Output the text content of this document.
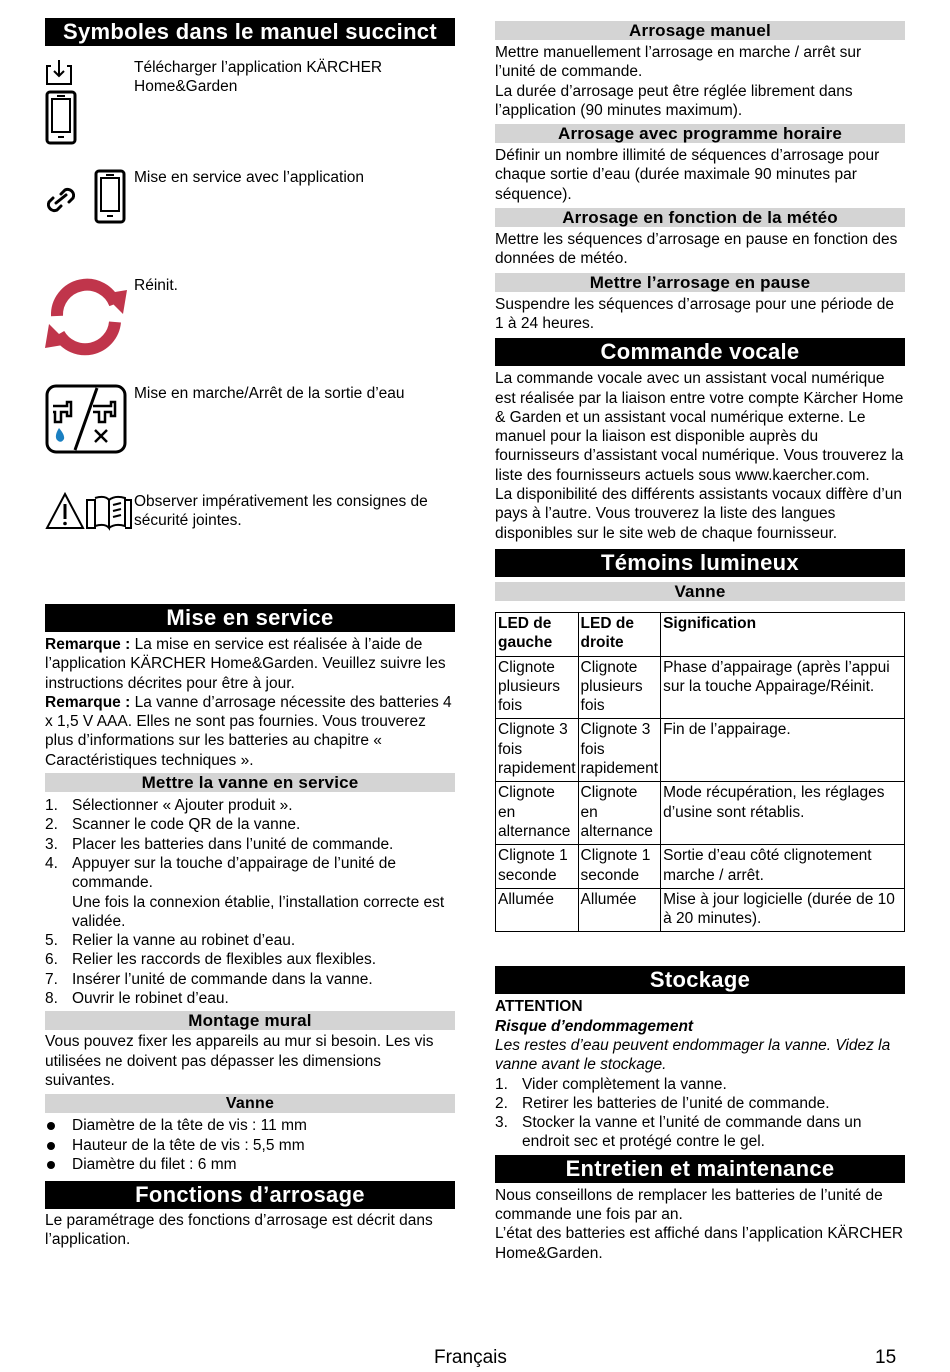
Symboles dans le manuel succinct
Télécharger l’application KÄRCHER Home&Garden
Mise en service avec l’application
Réinit.
Mise en marche/Arrêt de la sortie d’eau
Observer impérativement les consignes de sécurité jointes.
Mise en service

Remarque : La mise en service est réalisée à l’aide de l’application KÄRCHER Home&Garden. Veuillez suivre les instructions décrites pour être à jour.

Remarque : La vanne d’arrosage nécessite des batteries 4 x 1,5 V AAA. Elles ne sont pas fournies. Vous trouverez plus d’informations sur les batteries au chapitre « Caractéristiques techniques ».

Mettre la vanne en service
1. Sélectionner « Ajouter produit ».
2. Scanner le code QR de la vanne.
3. Placer les batteries dans l’unité de commande.
4. Appuyer sur la touche d’appairage de l’unité de commande.
Une fois la connexion établie, l’installation correcte est validée.
5. Relier la vanne au robinet d’eau.
6. Relier les raccords de flexibles aux flexibles.
7. Insérer l’unité de commande dans la vanne.
8. Ouvrir le robinet d’eau.
Montage mural

Vous pouvez fixer les appareils au mur si besoin. Les vis utilisées ne doivent pas dépasser les dimensions suivantes.

Vanne
Diamètre de la tête de vis : 11 mm
Hauteur de la tête de vis : 5,5 mm
Diamètre du filet : 6 mm
Fonctions d’arrosage

Le paramétrage des fonctions d’arrosage est décrit dans l’application.

Arrosage manuel

Mettre manuellement l’arrosage en marche / arrêt sur l’unité de commande.

La durée d’arrosage peut être réglée librement dans l’application (90 minutes maximum).

Arrosage avec programme horaire

Définir un nombre illimité de séquences d’arrosage pour chaque sortie d’eau (durée maximale 90 minutes par séquence).

Arrosage en fonction de la météo

Mettre les séquences d’arrosage en pause en fonction des données de météo.

Mettre l’arrosage en pause

Suspendre les séquences d’arrosage pour une période de 1 à 24 heures.

Commande vocale

La commande vocale avec un assistant vocal numérique est réalisée par la liaison entre votre compte Kärcher Home & Garden et un assistant vocal numérique externe. Le manuel pour la liaison est disponible auprès du fournisseurs d’assistant vocal numérique. Vous trouverez la liste des fournisseurs actuels sous www.kaercher.com.

La disponibilité des différents assistants vocaux diffère d’un pays à l’autre. Vous trouverez la liste des langues disponibles sur le site web de chaque fournisseur.

Témoins lumineux
Vanne
LED de gauche	LED de droite	Signification
Clignote plusieurs fois	Clignote plusieurs fois	Phase d’appairage (après l’appui sur la touche Appairage/Réinit.
Clignote 3 fois rapidement	Clignote 3 fois rapidement	Fin de l’appairage.
Clignote en alternance	Clignote en alternance	Mode récupération, les réglages d’usine sont rétablis.
Clignote 1 seconde	Clignote 1 seconde	Sortie d’eau côté clignotement marche / arrêt.
Allumée	Allumée	Mise à jour logicielle (durée de 10 à 20 minutes).
Stockage

ATTENTION

Risque d’endommagement

Les restes d’eau peuvent endommager la vanne. Videz la vanne avant le stockage.

1. Vider complètement la vanne.
2. Retirer les batteries de l’unité de commande.
3. Stocker la vanne et l’unité de commande dans un endroit sec et protégé contre le gel.
Entretien et maintenance

Nous conseillons de remplacer les batteries de l’unité de commande une fois par an.

L’état des batteries est affiché dans l’application KÄRCHER Home&Garden.

Français	15
